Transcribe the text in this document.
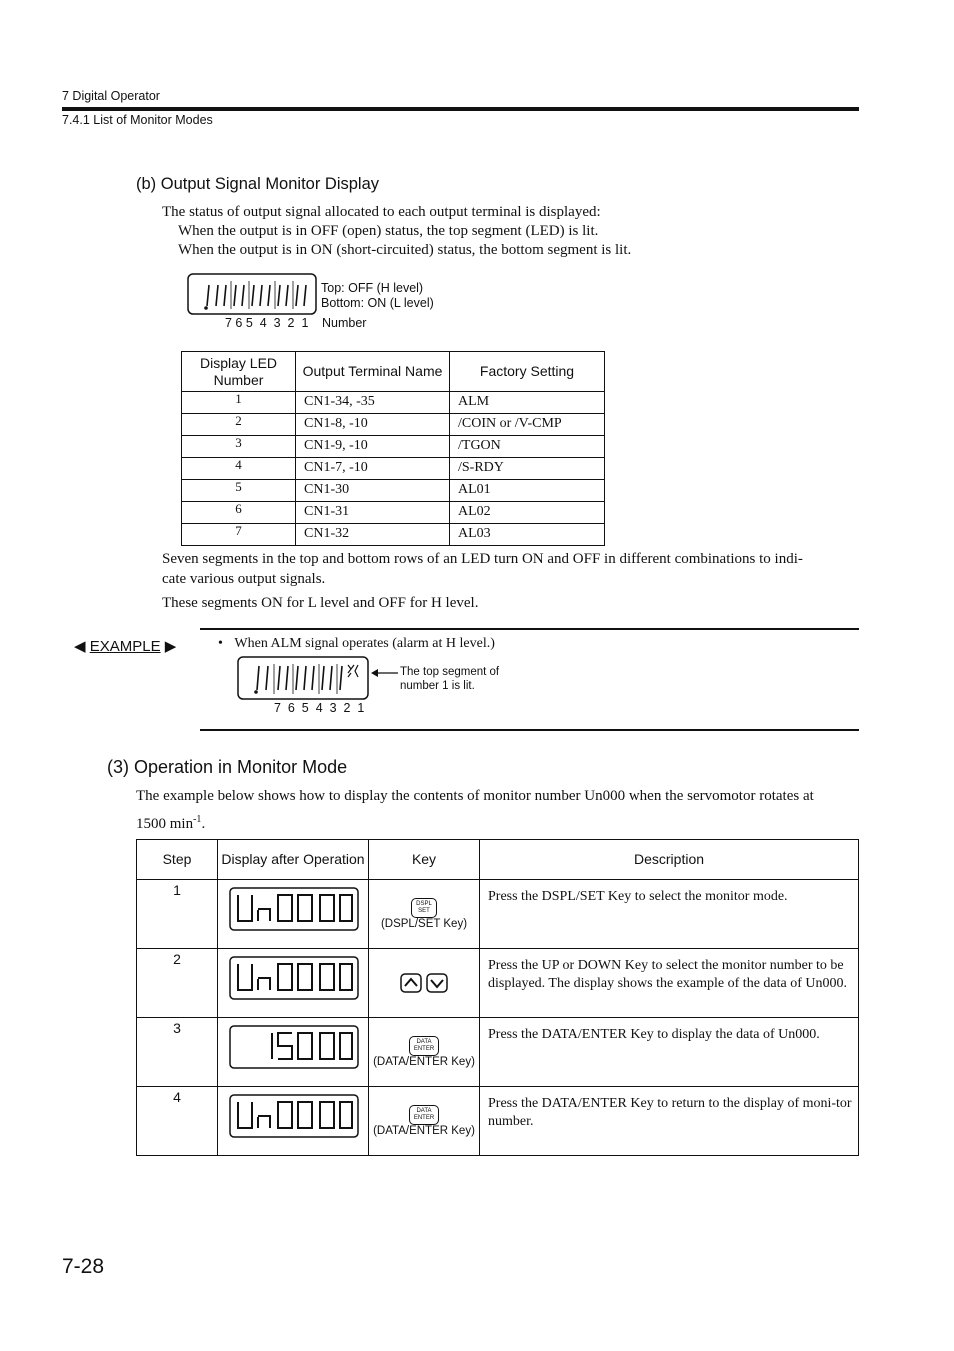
7 Digital Operator
7.4.1 List of Monitor Modes
(b) Output Signal Monitor Display
The status of output signal allocated to each output terminal is displayed:
When the output is in OFF (open) status, the top segment (LED) is lit.
When the output is in ON (short-circuited) status, the bottom segment is lit.
Top: OFF (H level)
Bottom: ON (L level)
7 6 5  4  3  2  1 Number
Display LED Number	Output Terminal Name	Factory Setting
1	CN1-34, -35	ALM
2	CN1-8, -10	/COIN or /V-CMP
3	CN1-9, -10	/TGON
4	CN1-7, -10	/S-RDY
5	CN1-30	AL01
6	CN1-31	AL02
7	CN1-32	AL03
Seven segments in the top and bottom rows of an LED turn ON and OFF in different combinations to indi-
cate various output signals.
These segments ON for L level and OFF for H level.
◀ EXAMPLE ▶	• When ALM signal operates (alarm at H level.)
The top segment of
number 1 is lit.
7  6  5  4  3  2  1
(3) Operation in Monitor Mode
The example below shows how to display the contents of monitor number Un000 when the servomotor rotates at
1500 $\min^{-1}$.
Step	Display after Operation	Key	Description
1		DSPL
SET
(DSPL/SET Key)	Press the DSPL/SET Key to select the monitor mode.
2			Press the UP or DOWN Key to select the monitor number to be displayed. The display shows the example of the data of Un000.
3		DATA
ENTER
(DATA/ENTER Key)	Press the DATA/ENTER Key to display the data of Un000.
4		DATA
ENTER
(DATA/ENTER Key)	Press the DATA/ENTER Key to return to the display of moni-tor number.
7-28
